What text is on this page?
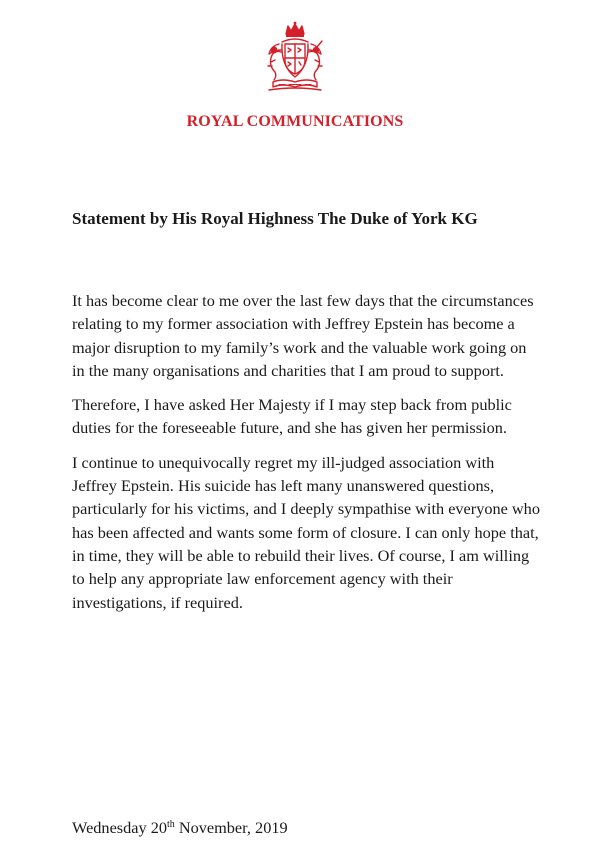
ROYAL COMMUNICATIONS
Statement by His Royal Highness The Duke of York KG

It has become clear to me over the last few days that the circumstances relating to my former association with Jeffrey Epstein has become a major disruption to my family’s work and the valuable work going on in the many organisations and charities that I am proud to support.

Therefore, I have asked Her Majesty if I may step back from public duties for the foreseeable future, and she has given her permission.

I continue to unequivocally regret my ill-judged association with Jeffrey Epstein. His suicide has left many unanswered questions, particularly for his victims, and I deeply sympathise with everyone who has been affected and wants some form of closure. I can only hope that, in time, they will be able to rebuild their lives. Of course, I am willing to help any appropriate law enforcement agency with their investigations, if required.

Wednesday 20th November, 2019
